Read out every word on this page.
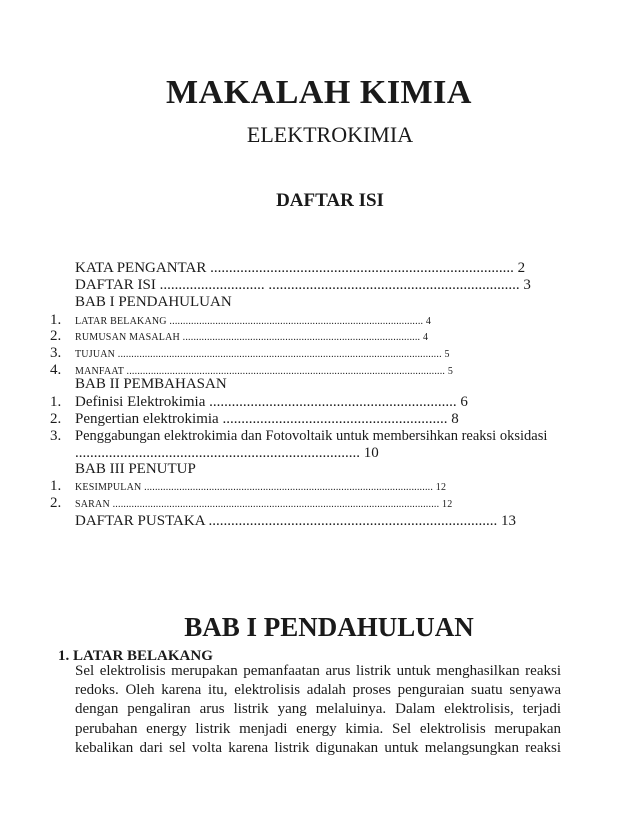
MAKALAH KIMIA
ELEKTROKIMIA
DAFTAR ISI
KATA PENGANTAR ................................................................................. 2
DAFTAR ISI ............................ ................................................................... 3
BAB I PENDAHULUAN
1. LATAR BELAKANG .............................................................................................. 4
2. RUMUSAN MASALAH ........................................................................................ 4
3. TUJUAN ........................................................................................................................ 5
4. MANFAAT ...................................................................................................................... 5
BAB II PEMBAHASAN
1. Definisi Elektrokimia .................................................................. 6
2. Pengertian elektrokimia ............................................................ 8
3. Penggabungan elektrokimia dan Fotovoltaik untuk membersihkan reaksi oksidasi
............................................................................ 10
BAB III PENUTUP
1. KESIMPULAN ........................................................................................................... 12
2. SARAN ......................................................................................................................... 12
DAFTAR PUSTAKA ............................................................................. 13
BAB I PENDAHULUAN
1. LATAR BELAKANG
Sel elektrolisis merupakan pemanfaatan arus listrik untuk menghasilkan reaksi
redoks. Oleh karena itu, elektrolisis adalah proses penguraian suatu senyawa
dengan pengaliran arus listrik yang melaluinya. Dalam elektrolisis, terjadi
perubahan energy listrik menjadi energy kimia. Sel elektrolisis merupakan
kebalikan dari sel volta karena listrik digunakan untuk melangsungkan reaksi
